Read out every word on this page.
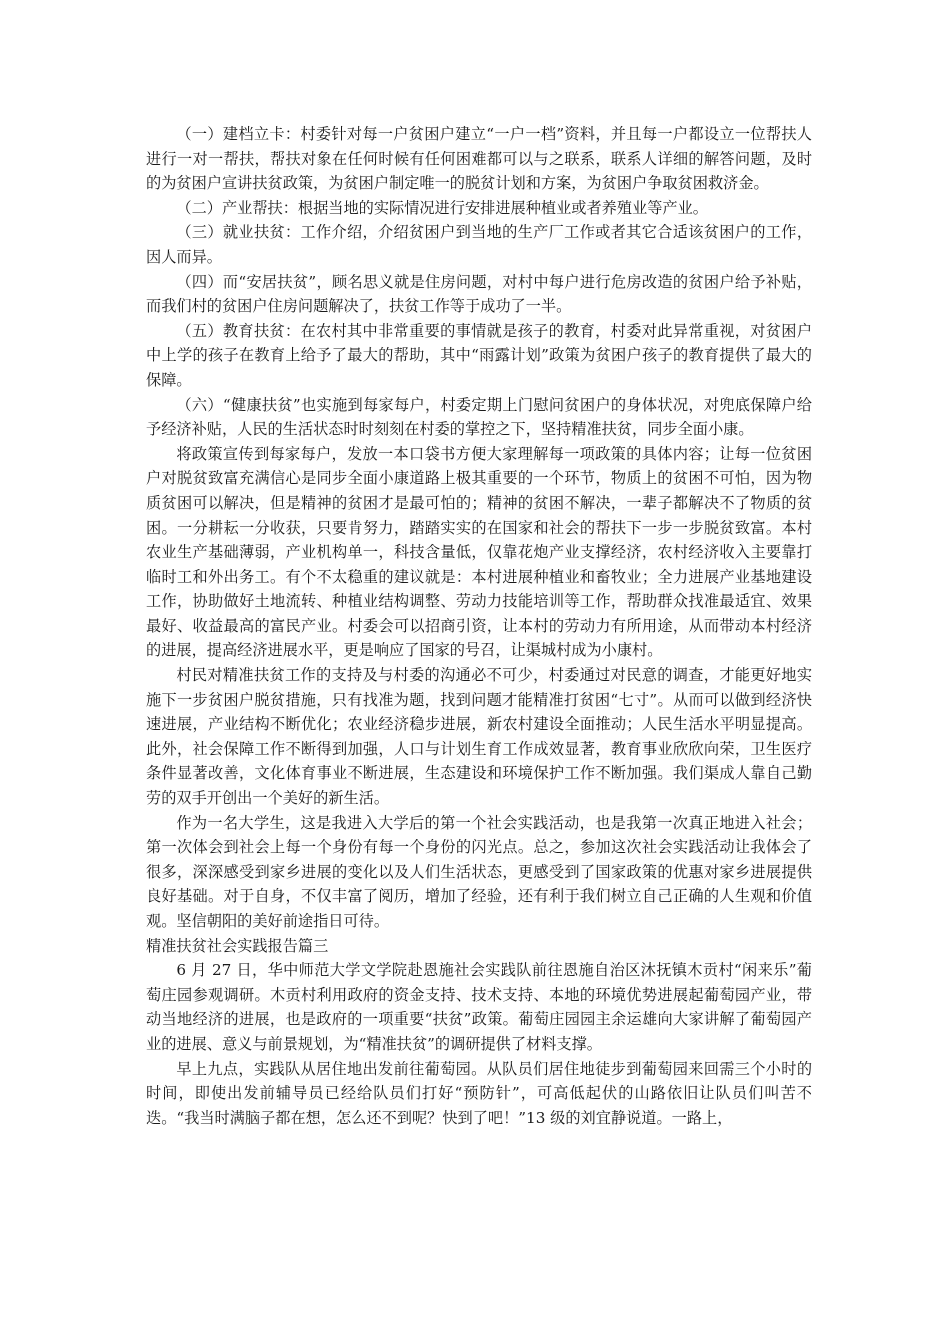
（一）建档立卡：村委针对每一户贫困户建立“一户一档”资料，并且每一户都设立一位帮扶人进行一对一帮扶，帮扶对象在任何时候有任何困难都可以与之联系，联系人详细的解答问题，及时的为贫困户宣讲扶贫政策，为贫困户制定唯一的脱贫计划和方案，为贫困户争取贫困救济金。

（二）产业帮扶：根据当地的实际情况进行安排进展种植业或者养殖业等产业。

（三）就业扶贫：工作介绍，介绍贫困户到当地的生产厂工作或者其它合适该贫困户的工作，因人而异。

（四）而“安居扶贫”，顾名思义就是住房问题，对村中每户进行危房改造的贫困户给予补贴，而我们村的贫困户住房问题解决了，扶贫工作等于成功了一半。

（五）教育扶贫：在农村其中非常重要的事情就是孩子的教育，村委对此异常重视，对贫困户中上学的孩子在教育上给予了最大的帮助，其中“雨露计划”政策为贫困户孩子的教育提供了最大的保障。

（六）“健康扶贫”也实施到每家每户，村委定期上门慰问贫困户的身体状况，对兜底保障户给予经济补贴，人民的生活状态时时刻刻在村委的掌控之下，坚持精准扶贫，同步全面小康。

将政策宣传到每家每户，发放一本口袋书方便大家理解每一项政策的具体内容；让每一位贫困户对脱贫致富充满信心是同步全面小康道路上极其重要的一个环节，物质上的贫困不可怕，因为物质贫困可以解决，但是精神的贫困才是最可怕的；精神的贫困不解决，一辈子都解决不了物质的贫困。一分耕耘一分收获，只要肯努力，踏踏实实的在国家和社会的帮扶下一步一步脱贫致富。本村农业生产基础薄弱，产业机构单一，科技含量低，仅靠花炮产业支撑经济，农村经济收入主要靠打临时工和外出务工。有个不太稳重的建议就是：本村进展种植业和畜牧业；全力进展产业基地建设工作，协助做好土地流转、种植业结构调整、劳动力技能培训等工作，帮助群众找准最适宜、效果最好、收益最高的富民产业。村委会可以招商引资，让本村的劳动力有所用途，从而带动本村经济的进展，提高经济进展水平，更是响应了国家的号召，让渠城村成为小康村。

村民对精准扶贫工作的支持及与村委的沟通必不可少，村委通过对民意的调查，才能更好地实施下一步贫困户脱贫措施，只有找准为题，找到问题才能精准打贫困“七寸”。从而可以做到经济快速进展，产业结构不断优化；农业经济稳步进展，新农村建设全面推动；人民生活水平明显提高。此外，社会保障工作不断得到加强，人口与计划生育工作成效显著，教育事业欣欣向荣，卫生医疗条件显著改善，文化体育事业不断进展，生态建设和环境保护工作不断加强。我们渠成人靠自己勤劳的双手开创出一个美好的新生活。

作为一名大学生，这是我进入大学后的第一个社会实践活动，也是我第一次真正地进入社会；第一次体会到社会上每一个身份有每一个身份的闪光点。总之，参加这次社会实践活动让我体会了很多，深深感受到家乡进展的变化以及人们生活状态，更感受到了国家政策的优惠对家乡进展提供良好基础。对于自身，不仅丰富了阅历，增加了经验，还有利于我们树立自己正确的人生观和价值观。坚信朝阳的美好前途指日可待。

精准扶贫社会实践报告篇三

6 月 27 日，华中师范大学文学院赴恩施社会实践队前往恩施自治区沐抚镇木贡村“闲来乐”葡萄庄园参观调研。木贡村利用政府的资金支持、技术支持、本地的环境优势进展起葡萄园产业，带动当地经济的进展，也是政府的一项重要“扶贫”政策。葡萄庄园园主余运雄向大家讲解了葡萄园产业的进展、意义与前景规划，为“精准扶贫”的调研提供了材料支撑。

早上九点，实践队从居住地出发前往葡萄园。从队员们居住地徒步到葡萄园来回需三个小时的时间，即使出发前辅导员已经给队员们打好“预防针”，可高低起伏的山路依旧让队员们叫苦不迭。“我当时满脑子都在想，怎么还不到呢？快到了吧！”13 级的刘宜静说道。一路上，
